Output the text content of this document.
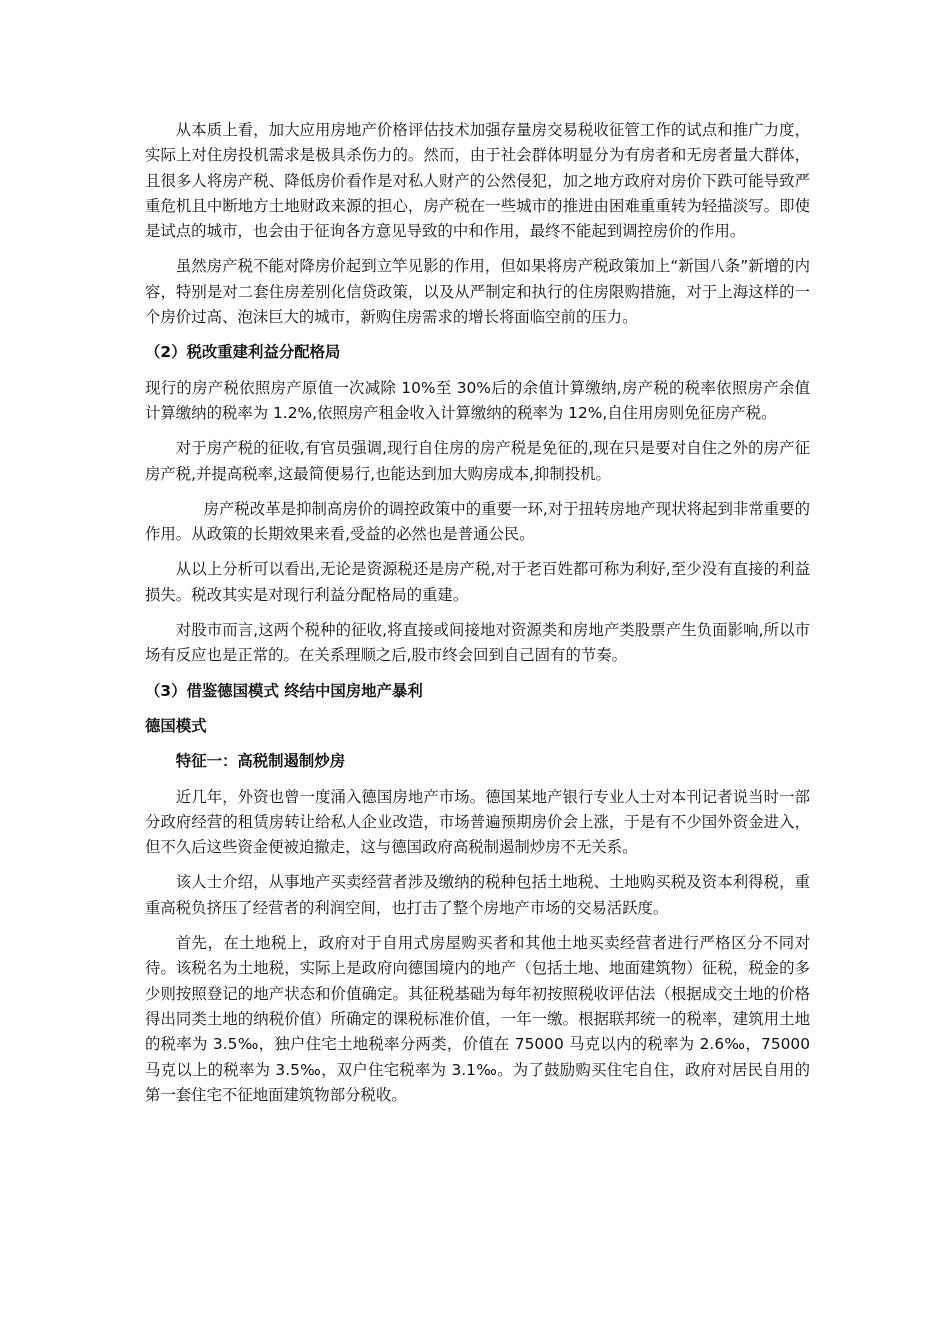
从本质上看，加大应用房地产价格评估技术加强存量房交易税收征管工作的试点和推广力度，实际上对住房投机需求是极具杀伤力的。然而，由于社会群体明显分为有房者和无房者量大群体，且很多人将房产税、降低房价看作是对私人财产的公然侵犯，加之地方政府对房价下跌可能导致严重危机且中断地方土地财政来源的担心，房产税在一些城市的推进由困难重重转为轻描淡写。即使是试点的城市，也会由于征询各方意见导致的中和作用，最终不能起到调控房价的作用。

虽然房产税不能对降房价起到立竿见影的作用，但如果将房产税政策加上“新国八条”新增的内容，特别是对二套住房差别化信贷政策，以及从严制定和执行的住房限购措施，对于上海这样的一个房价过高、泡沫巨大的城市，新购住房需求的增长将面临空前的压力。

（2）税改重建利益分配格局

现行的房产税依照房产原值一次减除 10%至 30%后的余值计算缴纳,房产税的税率依照房产余值计算缴纳的税率为 1.2%,依照房产租金收入计算缴纳的税率为 12%,自住用房则免征房产税。

对于房产税的征收,有官员强调,现行自住房的房产税是免征的,现在只是要对自住之外的房产征房产税,并提高税率,这最简便易行,也能达到加大购房成本,抑制投机。

房产税改革是抑制高房价的调控政策中的重要一环,对于扭转房地产现状将起到非常重要的作用。从政策的长期效果来看,受益的必然也是普通公民。

从以上分析可以看出,无论是资源税还是房产税,对于老百姓都可称为利好,至少没有直接的利益损失。税改其实是对现行利益分配格局的重建。

对股市而言,这两个税种的征收,将直接或间接地对资源类和房地产类股票产生负面影响,所以市场有反应也是正常的。在关系理顺之后,股市终会回到自己固有的节奏。

（3）借鉴德国模式 终结中国房地产暴利
德国模式
特征一：高税制遏制炒房

近几年，外资也曾一度涌入德国房地产市场。德国某地产银行专业人士对本刊记者说当时一部分政府经营的租赁房转让给私人企业改造，市场普遍预期房价会上涨，于是有不少国外资金进入，但不久后这些资金便被迫撤走，这与德国政府高税制遏制炒房不无关系。

该人士介绍，从事地产买卖经营者涉及缴纳的税种包括土地税、土地购买税及资本利得税，重重高税负挤压了经营者的利润空间，也打击了整个房地产市场的交易活跃度。

首先，在土地税上，政府对于自用式房屋购买者和其他土地买卖经营者进行严格区分不同对待。该税名为土地税，实际上是政府向德国境内的地产（包括土地、地面建筑物）征税，税金的多少则按照登记的地产状态和价值确定。其征税基础为每年初按照税收评估法（根据成交土地的价格得出同类土地的纳税价值）所确定的课税标准价值，一年一缴。根据联邦统一的税率，建筑用土地的税率为 3.5‰，独户住宅土地税率分两类，价值在 75000 马克以内的税率为 2.6‰，75000 马克以上的税率为 3.5‰，双户住宅税率为 3.1‰。为了鼓励购买住宅自住，政府对居民自用的第一套住宅不征地面建筑物部分税收。
